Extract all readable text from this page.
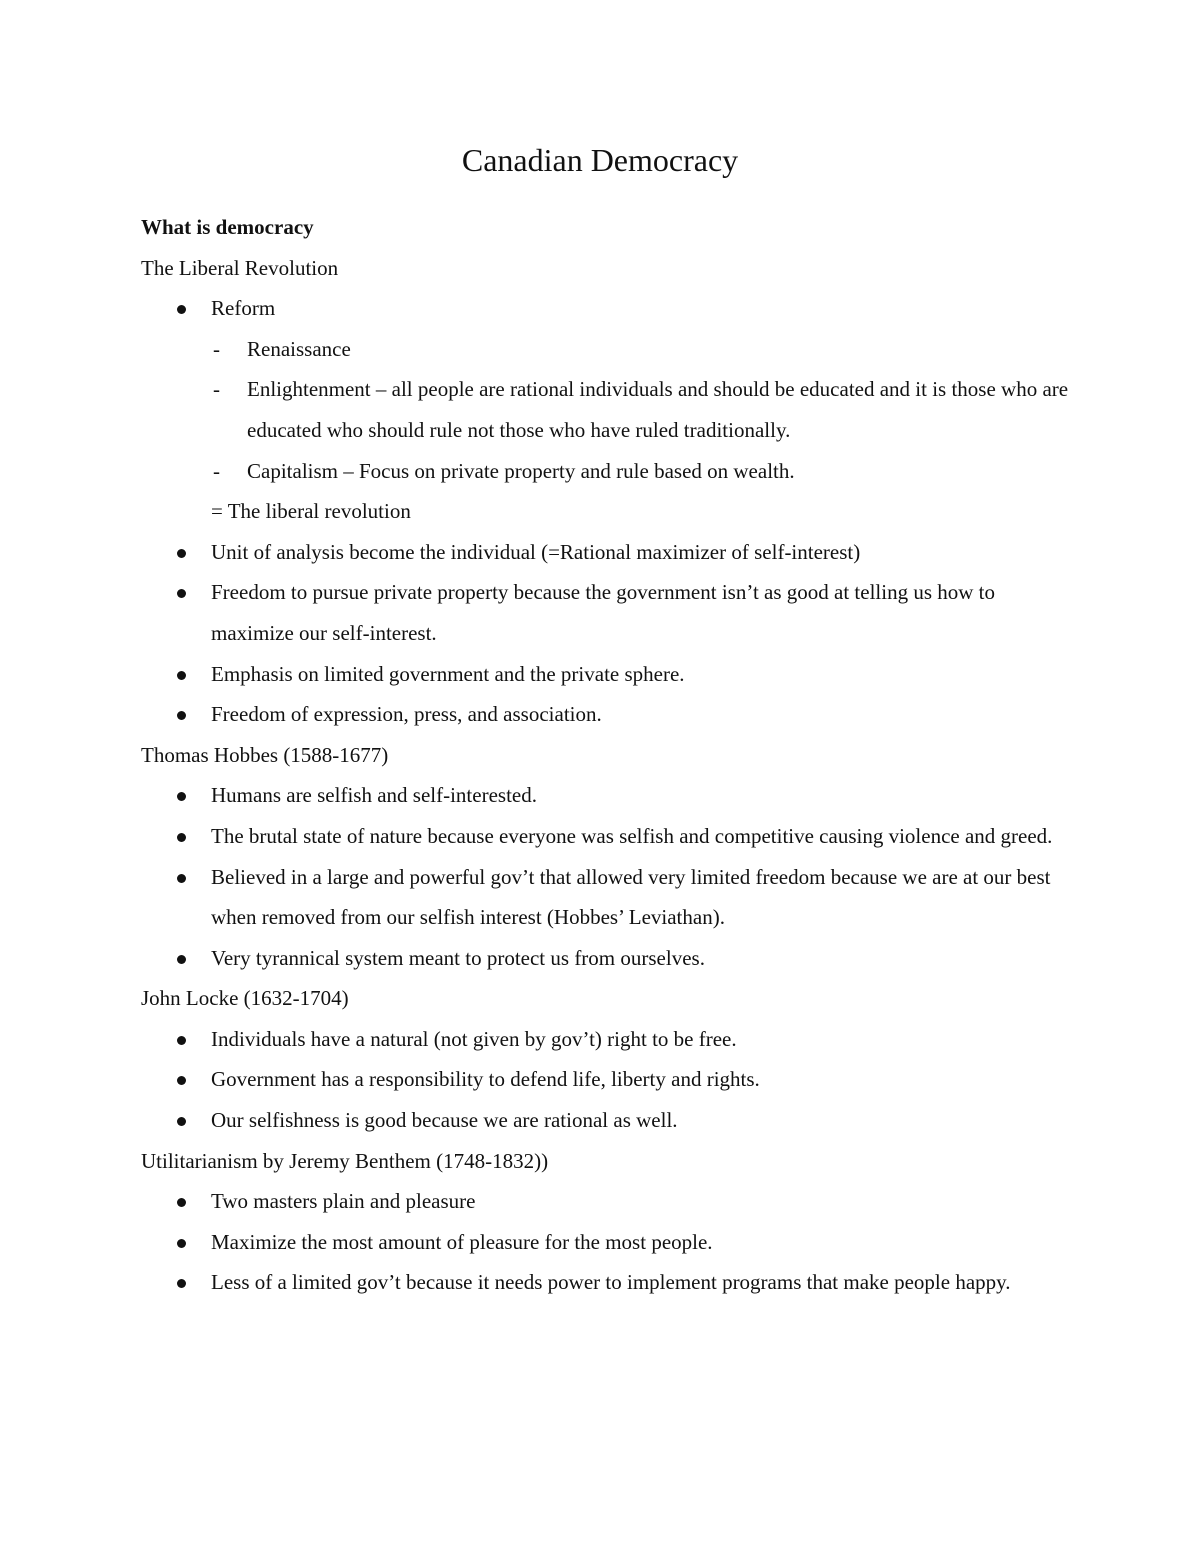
Canadian Democracy
What is democracy
The Liberal Revolution
Reform
- Renaissance
- Enlightenment – all people are rational individuals and should be educated and it is those who are educated who should rule not those who have ruled traditionally.
- Capitalism – Focus on private property and rule based on wealth.
= The liberal revolution
Unit of analysis become the individual (=Rational maximizer of self-interest)
Freedom to pursue private property because the government isn’t as good at telling us how to maximize our self-interest.
Emphasis on limited government and the private sphere.
Freedom of expression, press, and association.
Thomas Hobbes (1588-1677)
Humans are selfish and self-interested.
The brutal state of nature because everyone was selfish and competitive causing violence and greed.
Believed in a large and powerful gov’t that allowed very limited freedom because we are at our best when removed from our selfish interest (Hobbes’ Leviathan).
Very tyrannical system meant to protect us from ourselves.
John Locke (1632-1704)
Individuals have a natural (not given by gov’t) right to be free.
Government has a responsibility to defend life, liberty and rights.
Our selfishness is good because we are rational as well.
Utilitarianism by Jeremy Benthem (1748-1832))
Two masters plain and pleasure
Maximize the most amount of pleasure for the most people.
Less of a limited gov’t because it needs power to implement programs that make people happy.
